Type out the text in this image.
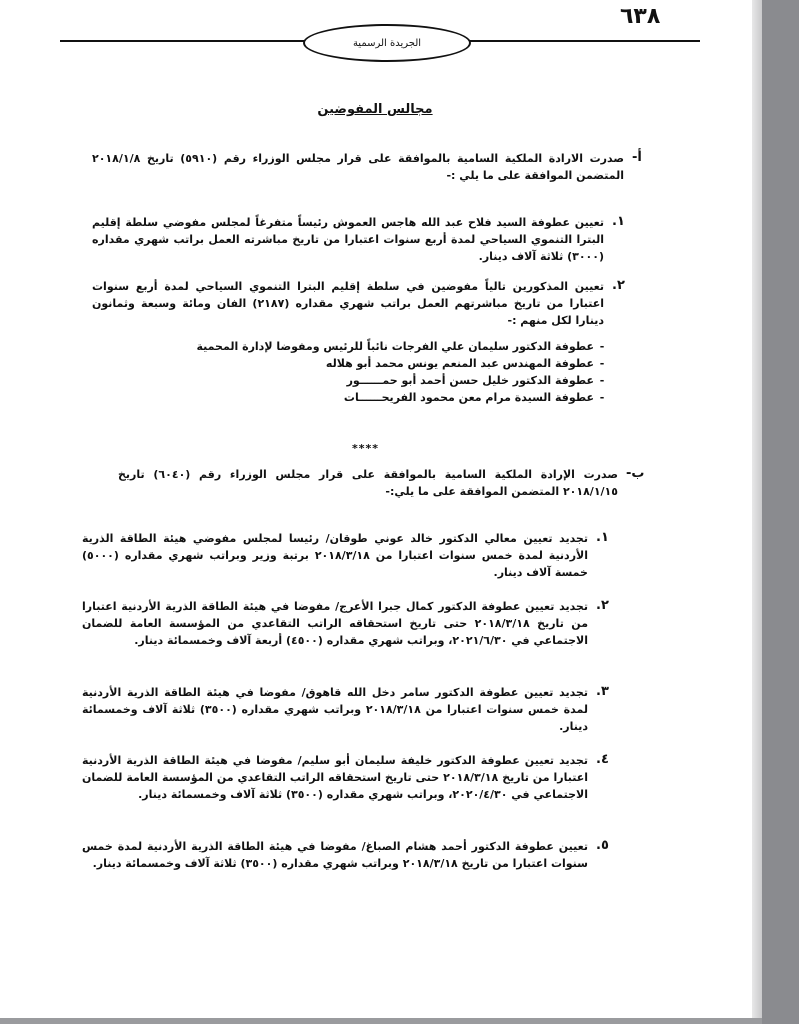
٦٣٨
الجريدة الرسمية
مجالس المفوضين
أ-
صدرت الارادة الملكية السامية بالموافقة على قرار مجلس الوزراء رقم (٥٩١٠) تاريخ ٢٠١٨/١/٨ المتضمن الموافقة على ما يلي :-
١.
تعيين عطوفة السيد فلاح عبد الله هاجس العموش رئيساً متفرغاً لمجلس مفوضي سلطة إقليم البترا التنموي السياحي لمدة أربع سنوات اعتبارا من تاريخ مباشرته العمل براتب شهري مقداره (٣٠٠٠) ثلاثة آلاف دينار.
٢.
تعيين المذكورين تالياً مفوضين في سلطة إقليم البترا التنموي السياحي لمدة أربع سنوات اعتبارا من تاريخ مباشرتهم العمل براتب شهري مقداره (٢١٨٧) الفان ومائة وسبعة وثمانون دينارا لكل منهم :-
-عطوفة الدكتور سليمان علي الفرجات نائباً للرئيس ومفوضا لإدارة المحمية
-عطوفة المهندس عبد المنعم يونس محمد أبو هلاله
-عطوفة الدكتور خليل حسن أحمد أبو حمــــــور
-عطوفة السيدة مرام معن محمود الفريحــــــات
****
ب-
صدرت الإرادة الملكية السامية بالموافقة على قرار مجلس الوزراء رقم (٦٠٤٠) تاريخ ٢٠١٨/١/١٥ المتضمن الموافقة على ما يلي:-
١.
تجديد تعيين معالي الدكتور خالد عوني طوقان/ رئيسا لمجلس مفوضي هيئة الطاقة الذرية الأردنية لمدة خمس سنوات اعتبارا من ٢٠١٨/٣/١٨ برتبة وزير وبراتب شهري مقداره (٥٠٠٠) خمسة آلاف دينار.
٢.
تجديد تعيين عطوفة الدكتور كمال جبرا الأعرج/ مفوضا في هيئة الطاقة الذرية الأردنية اعتبارا من تاريخ ٢٠١٨/٣/١٨ حتى تاريخ استحقاقه الراتب التقاعدي من المؤسسة العامة للضمان الاجتماعي في ٢٠٢١/٦/٣٠، وبراتب شهري مقداره (٤٥٠٠) أربعة آلاف وخمسمائة دينار.
٣.
تجديد تعيين عطوفة الدكتور سامر دخل الله قاهوق/ مفوضا في هيئة الطاقة الذرية الأردنية لمدة خمس سنوات اعتبارا من ٢٠١٨/٣/١٨ وبراتب شهري مقداره (٣٥٠٠) ثلاثة آلاف وخمسمائة دينار.
٤.
تجديد تعيين عطوفة الدكتور خليفة سليمان أبو سليم/ مفوضا في هيئة الطاقة الذرية الأردنية اعتبارا من تاريخ ٢٠١٨/٣/١٨ حتى تاريخ استحقاقه الراتب التقاعدي من المؤسسة العامة للضمان الاجتماعي في ٢٠٢٠/٤/٣٠، وبراتب شهري مقداره (٣٥٠٠) ثلاثة آلاف وخمسمائة دينار.
٥.
تعيين عطوفة الدكتور أحمد هشام الصباغ/ مفوضا في هيئة الطاقة الذرية الأردنية لمدة خمس سنوات اعتبارا من تاريخ ٢٠١٨/٣/١٨ وبراتب شهري مقداره (٣٥٠٠) ثلاثة آلاف وخمسمائة دينار.
